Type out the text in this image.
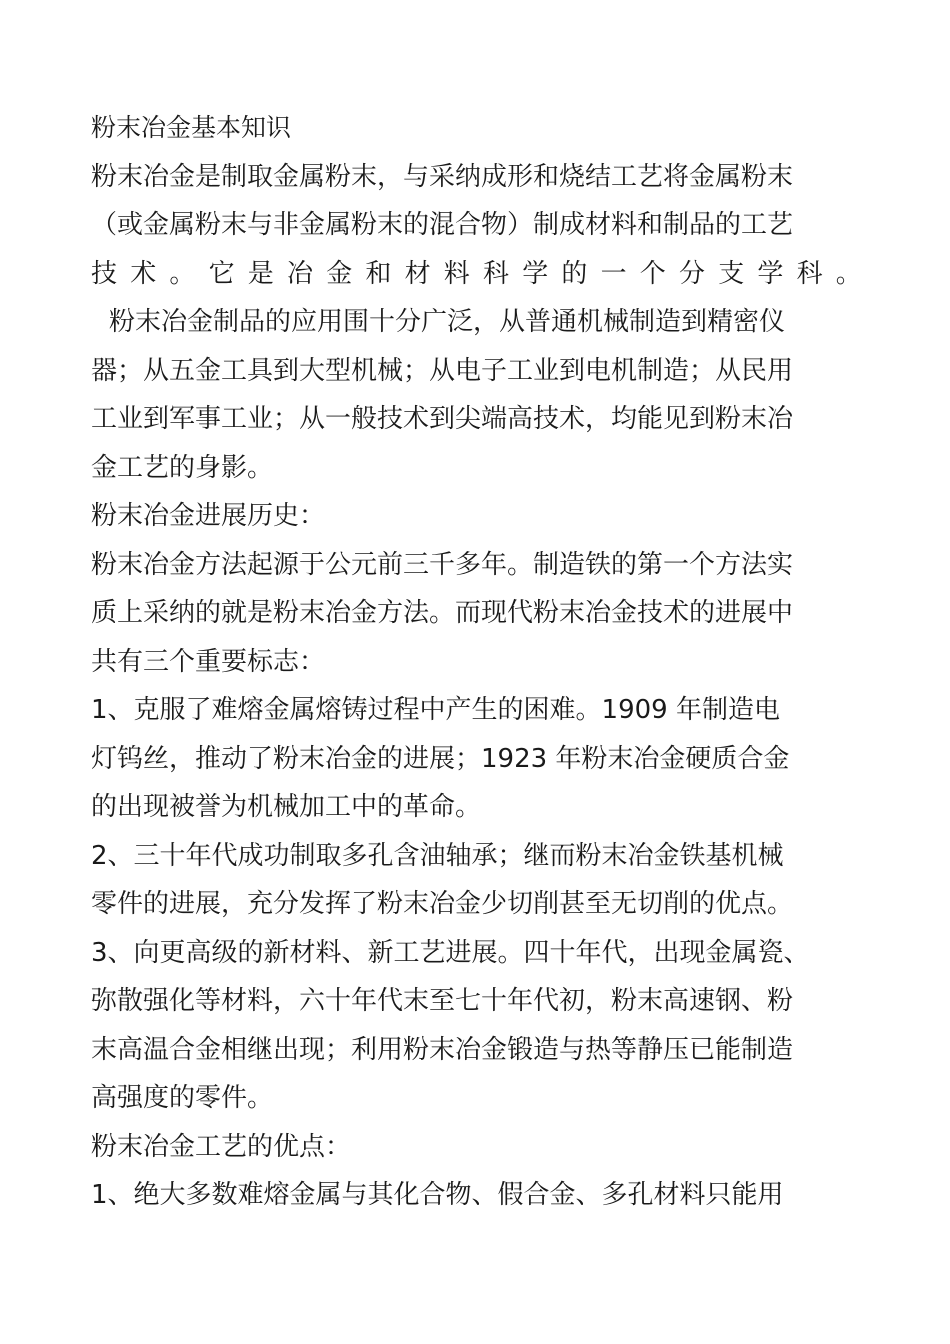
粉末冶金基本知识

粉末冶金是制取金属粉末，与采纳成形和烧结工艺将金属粉末

（或金属粉末与非金属粉末的混合物）制成材料和制品的工艺

技术。它是冶金和材料科学的一个分支学科。

粉末冶金制品的应用围十分广泛，从普通机械制造到精密仪

器；从五金工具到大型机械；从电子工业到电机制造；从民用

工业到军事工业；从一般技术到尖端高技术，均能见到粉末冶

金工艺的身影。

粉末冶金进展历史：

粉末冶金方法起源于公元前三千多年。制造铁的第一个方法实

质上采纳的就是粉末冶金方法。而现代粉末冶金技术的进展中

共有三个重要标志：

1、克服了难熔金属熔铸过程中产生的困难。1909 年制造电

灯钨丝，推动了粉末冶金的进展；1923 年粉末冶金硬质合金

的出现被誉为机械加工中的革命。

2、三十年代成功制取多孔含油轴承；继而粉末冶金铁基机械

零件的进展，充分发挥了粉末冶金少切削甚至无切削的优点。

3、向更高级的新材料、新工艺进展。四十年代，出现金属瓷、

弥散强化等材料，六十年代末至七十年代初，粉末高速钢、粉

末高温合金相继出现；利用粉末冶金锻造与热等静压已能制造

高强度的零件。

粉末冶金工艺的优点：

1、绝大多数难熔金属与其化合物、假合金、多孔材料只能用
